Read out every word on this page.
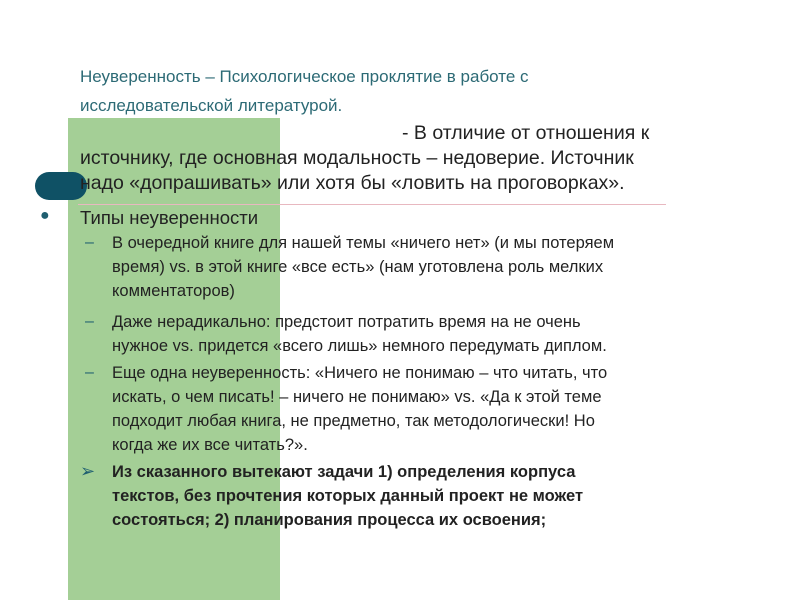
Неуверенность – Психологическое проклятие в работе с
исследовательской литературой.
- В отличие от отношения к
источнику, где основная модальность – недоверие. Источник
надо «допрашивать» или хотя бы «ловить на проговорках».
●	Типы неуверенности
– В очередной книге для нашей темы «ничего нет» (и мы потеряем
время) vs. в этой книге «все есть» (нам уготовлена роль мелких
комментаторов)
– Даже нерадикально: предстоит потратить время на не очень
нужное vs. придется «всего лишь» немного передумать диплом.
– Еще одна неуверенность: «Ничего не понимаю – что читать, что
искать, о чем писать! – ничего не понимаю» vs. «Да к этой теме
подходит любая книга, не предметно, так методологически! Но
когда же их все читать?».
➢ Из сказанного вытекают задачи 1) определения корпуса
текстов, без прочтения которых данный проект не может
состояться; 2) планирования процесса их освоения;
